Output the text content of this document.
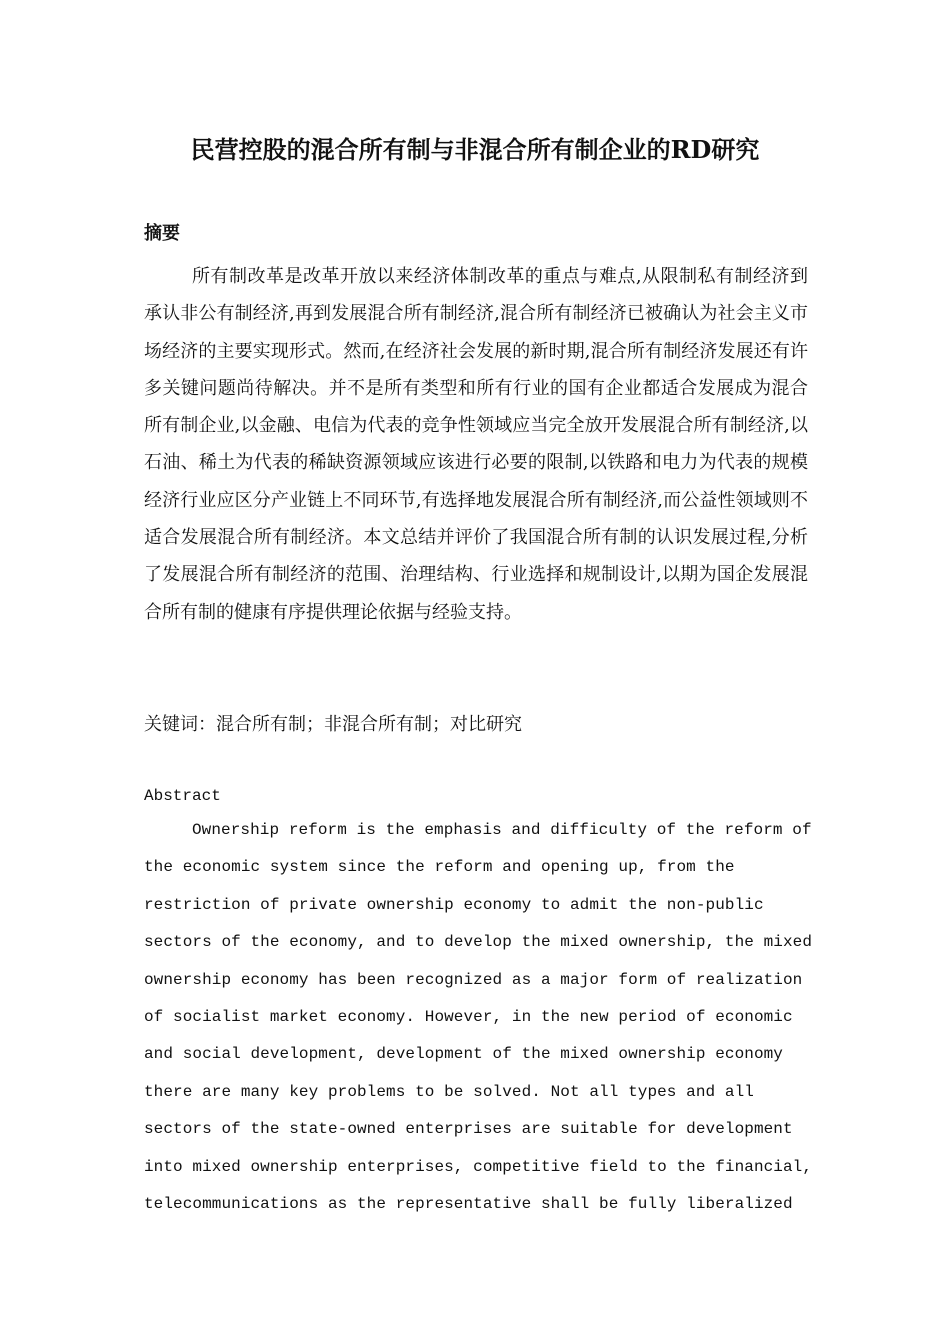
民营控股的混合所有制与非混合所有制企业的RD研究
摘要

所有制改革是改革开放以来经济体制改革的重点与难点,从限制私有制经济到承认非公有制经济,再到发展混合所有制经济,混合所有制经济已被确认为社会主义市场经济的主要实现形式。然而,在经济社会发展的新时期,混合所有制经济发展还有许多关键问题尚待解决。并不是所有类型和所有行业的国有企业都适合发展成为混合所有制企业,以金融、电信为代表的竞争性领域应当完全放开发展混合所有制经济,以石油、稀土为代表的稀缺资源领域应该进行必要的限制,以铁路和电力为代表的规模经济行业应区分产业链上不同环节,有选择地发展混合所有制经济,而公益性领域则不适合发展混合所有制经济。本文总结并评价了我国混合所有制的认识发展过程,分析了发展混合所有制经济的范围、治理结构、行业选择和规制设计,以期为国企发展混合所有制的健康有序提供理论依据与经验支持。

关键词：混合所有制；非混合所有制；对比研究

Abstract

Ownership reform is the emphasis and difficulty of the reform of
the economic system since the reform and opening up, from the
restriction of private ownership economy to admit the non-public
sectors of the economy, and to develop the mixed ownership, the mixed
ownership economy has been recognized as a major form of realization
of socialist market economy. However, in the new period of economic
and social development, development of the mixed ownership economy
there are many key problems to be solved. Not all types and all
sectors of the state-owned enterprises are suitable for development
into mixed ownership enterprises, competitive field to the financial,
telecommunications as the representative shall be fully liberalized
